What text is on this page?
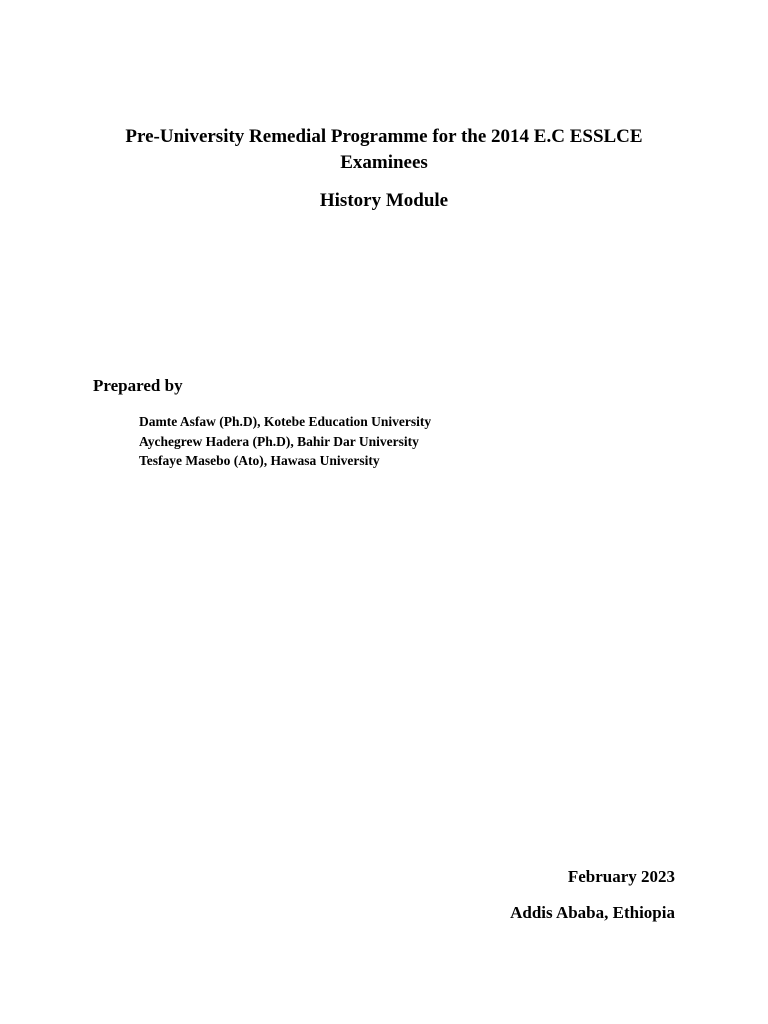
Pre-University Remedial Programme for the 2014 E.C ESSLCE Examinees
History Module
Prepared by
Damte Asfaw (Ph.D), Kotebe Education University
Aychegrew Hadera (Ph.D), Bahir Dar University
Tesfaye Masebo (Ato), Hawasa University
February 2023
Addis Ababa, Ethiopia
